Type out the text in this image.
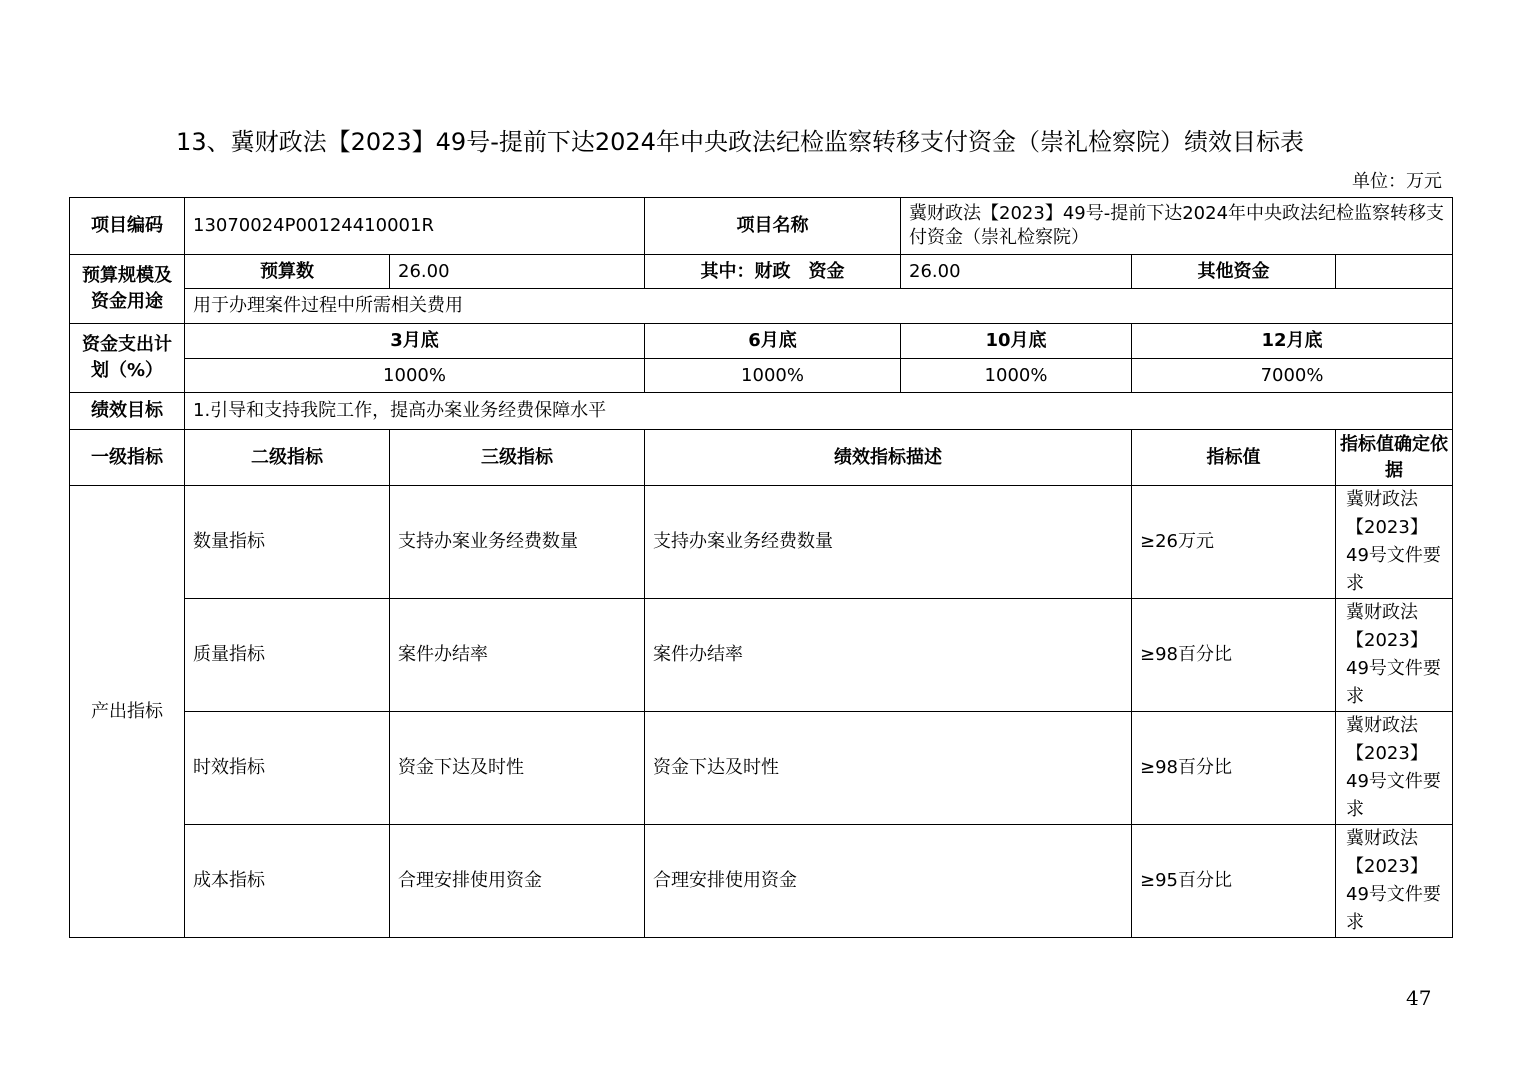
13、冀财政法【2023】49号-提前下达2024年中央政法纪检监察转移支付资金（崇礼检察院）绩效目标表
单位：万元
项目编码	13070024P00124410001R		项目名称	冀财政法【2023】49号-提前下达2024年中央政法纪检监察转移支付资金（崇礼检察院）		
预算规模及资金用途	预算数	26.00	其中：财政　资金	26.00	其他资金	
	用于办理案件过程中所需相关费用					
资金支出计划（%）	3月底		6月底	10月底	12月底	
	1000%		1000%	1000%	7000%	
绩效目标	1.引导和支持我院工作，提高办案业务经费保障水平					
一级指标	二级指标	三级指标	绩效指标描述		指标值	指标值确定依据
产出指标	数量指标	支持办案业务经费数量	支持办案业务经费数量		≥26万元	冀财政法【2023】49号文件要求
	质量指标	案件办结率	案件办结率		≥98百分比	冀财政法【2023】49号文件要求
	时效指标	资金下达及时性	资金下达及时性		≥98百分比	冀财政法【2023】49号文件要求
	成本指标	合理安排使用资金	合理安排使用资金		≥95百分比	冀财政法【2023】49号文件要求
47
